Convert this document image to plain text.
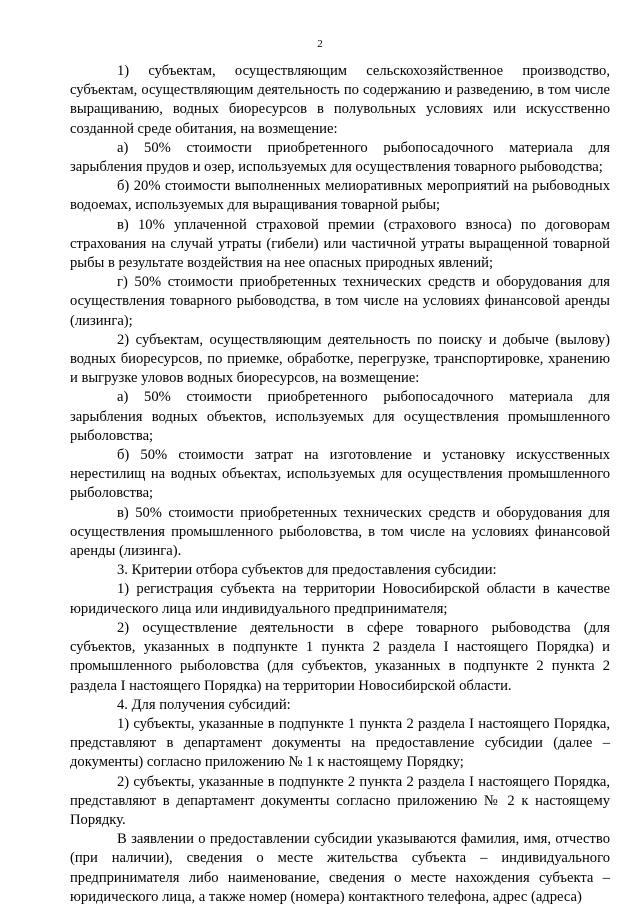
2

1) субъектам, осуществляющим сельскохозяйственное производство, субъектам, осуществляющим деятельность по содержанию и разведению, в том числе выращиванию, водных биоресурсов в полувольных условиях или искусственно созданной среде обитания, на возмещение:

а) 50% стоимости приобретенного рыбопосадочного материала для зарыбления прудов и озер, используемых для осуществления товарного рыбоводства;

б) 20% стоимости выполненных мелиоративных мероприятий на рыбоводных водоемах, используемых для выращивания товарной рыбы;

в) 10% уплаченной страховой премии (страхового взноса) по договорам страхования на случай утраты (гибели) или частичной утраты выращенной товарной рыбы в результате воздействия на нее опасных природных явлений;

г) 50% стоимости приобретенных технических средств и оборудования для осуществления товарного рыбоводства, в том числе на условиях финансовой аренды (лизинга);

2) субъектам, осуществляющим деятельность по поиску и добыче (вылову) водных биоресурсов, по приемке, обработке, перегрузке, транспортировке, хранению и выгрузке уловов водных биоресурсов, на возмещение:

а) 50% стоимости приобретенного рыбопосадочного материала для зарыбления водных объектов, используемых для осуществления промышленного рыболовства;

б) 50% стоимости затрат на изготовление и установку искусственных нерестилищ на водных объектах, используемых для осуществления промышленного рыболовства;

в) 50% стоимости приобретенных технических средств и оборудования для осуществления промышленного рыболовства, в том числе на условиях финансовой аренды (лизинга).

3. Критерии отбора субъектов для предоставления субсидии:

1) регистрация субъекта на территории Новосибирской области в качестве юридического лица или индивидуального предпринимателя;

2) осуществление деятельности в сфере товарного рыбоводства (для субъектов, указанных в подпункте 1 пункта 2 раздела I настоящего Порядка) и промышленного рыболовства (для субъектов, указанных в подпункте 2 пункта 2 раздела I настоящего Порядка) на территории Новосибирской области.

4. Для получения субсидий:

1) субъекты, указанные в подпункте 1 пункта 2 раздела I настоящего Порядка, представляют в департамент документы на предоставление субсидии (далее – документы) согласно приложению № 1 к настоящему Порядку;

2) субъекты, указанные в подпункте 2 пункта 2 раздела I настоящего Порядка, представляют в департамент документы согласно приложению № 2 к настоящему Порядку.

В заявлении о предоставлении субсидии указываются фамилия, имя, отчество (при наличии), сведения о месте жительства субъекта – индивидуального предпринимателя либо наименование, сведения о месте нахождения субъекта – юридического лица, а также номер (номера) контактного телефона, адрес (адреса)
